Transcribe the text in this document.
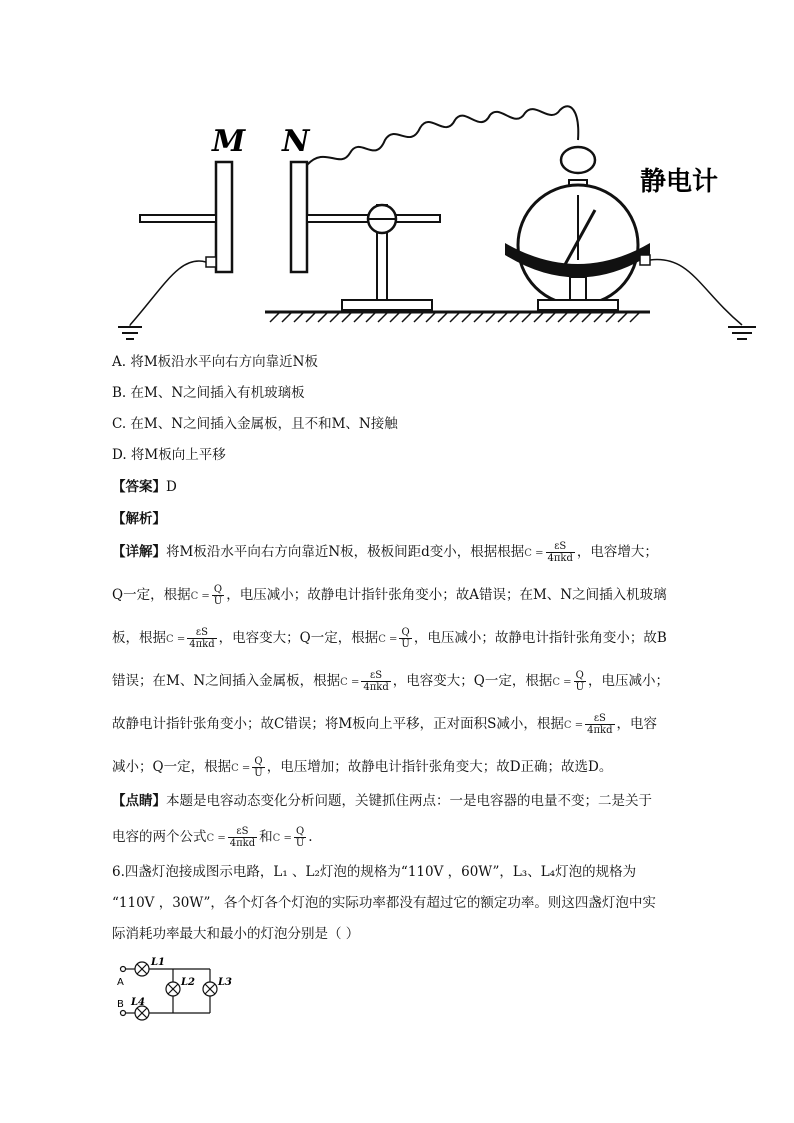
M N
静电计
A. 将M板沿水平向右方向靠近N板
B. 在M、N之间插入有机玻璃板
C. 在M、N之间插入金属板，且不和M、N接触
D. 将M板向上平移
【答案】D
【解析】
【详解】将M板沿水平向右方向靠近N板，极板间距d变小，根据根据$C = \frac{\varepsilon S}{\text{4πkd}}$ ，电容增大；
Q一定，根据$C = \frac{Q}{U}$ ，电压减小；故静电计指针张角变小；故A错误；在M、N之间插入机玻璃
板，根据$C = \frac{\varepsilon S}{\text{4πkd}}$ ，电容变大；Q一定，根据$C = \frac{Q}{U}$ ，电压减小；故静电计指针张角变小；故B
错误；在M、N之间插入金属板，根据$C = \frac{\varepsilon S}{\text{4πkd}}$ ，电容变大；Q一定，根据$C = \frac{Q}{U}$ ，电压减小；
故静电计指针张角变小；故C错误；将M板向上平移，正对面积S减小，根据$C = \frac{\varepsilon S}{\text{4πkd}}$ ，电容
减小；Q一定，根据$C = \frac{Q}{U}$ ，电压增加；故静电计指针张角变大；故D正确；故选D。
【点睛】本题是电容动态变化分析问题，关键抓住两点：一是电容器的电量不变；二是关于
电容的两个公式$C = \frac{\varepsilon S}{\text{4πkd}}$ 和$C = \frac{Q}{U}$ .
6.四盏灯泡接成图示电路，L₁ 、L₂灯泡的规格为“110V ，60W”，L₃、L₄灯泡的规格为
“110V ，30W”，各个灯各个灯泡的实际功率都没有超过它的额定功率。则这四盏灯泡中实
际消耗功率最大和最小的灯泡分别是（ ）
A
B
L1
L2 L3
L4
